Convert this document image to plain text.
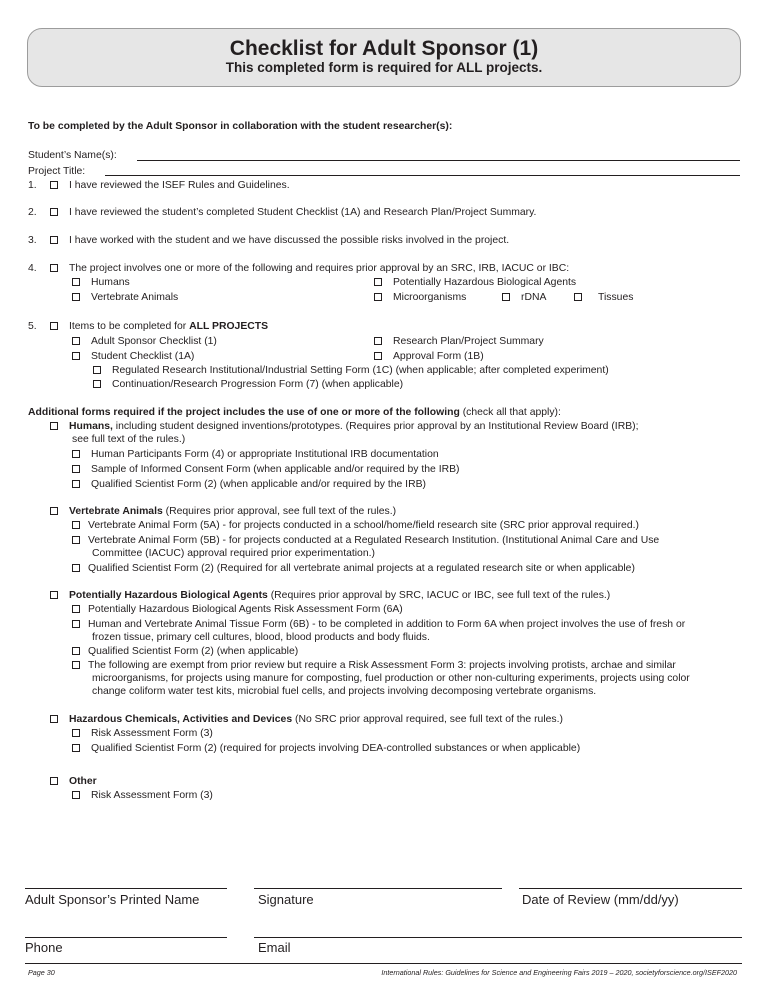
Checklist for Adult Sponsor (1)
This completed form is required for ALL projects.
To be completed by the Adult Sponsor in collaboration with the student researcher(s):
Student’s Name(s):
Project Title:
1.	I have reviewed the ISEF Rules and Guidelines.
2.	I have reviewed the student’s completed Student Checklist (1A) and Research Plan/Project Summary.
3.	I have worked with the student and we have discussed the possible risks involved in the project.
4.	The project involves one or more of the following and requires prior approval by an SRC, IRB, IACUC or IBC:
Humans
Vertebrate Animals
Potentially Hazardous Biological Agents
Microorganisms	rDNA	Tissues
5.	Items to be completed for ALL PROJECTS
Adult Sponsor Checklist (1)
Student Checklist (1A)
Research Plan/Project Summary
Approval Form (1B)
Regulated Research Institutional/Industrial Setting Form (1C) (when applicable; after completed experiment)
Continuation/Research Progression Form (7) (when applicable)
Additional forms required if the project includes the use of one or more of the following (check all that apply):
Humans, including student designed inventions/prototypes. (Requires prior approval by an Institutional Review Board (IRB);
see full text of the rules.)
Human Participants Form (4) or appropriate Institutional IRB documentation
Sample of Informed Consent Form (when applicable and/or required by the IRB)
Qualified Scientist Form (2) (when applicable and/or required by the IRB)
Vertebrate Animals (Requires prior approval, see full text of the rules.)
Vertebrate Animal Form (5A) - for projects conducted in a school/home/field research site (SRC prior approval required.)
Vertebrate Animal Form (5B) - for projects conducted at a Regulated Research Institution. (Institutional Animal Care and Use
Committee (IACUC) approval required prior experimentation.)
Qualified Scientist Form (2) (Required for all vertebrate animal projects at a regulated research site or when applicable)
Potentially Hazardous Biological Agents (Requires prior approval by SRC, IACUC or IBC, see full text of the rules.)
Potentially Hazardous Biological Agents Risk Assessment Form (6A)
Human and Vertebrate Animal Tissue Form (6B) - to be completed in addition to Form 6A when project involves the use of fresh or
frozen tissue, primary cell cultures, blood, blood products and body fluids.
Qualified Scientist Form (2) (when applicable)
The following are exempt from prior review but require a Risk Assessment Form 3: projects involving protists, archae and similar
microorganisms, for projects using manure for composting, fuel production or other non-culturing experiments, projects using color
change coliform water test kits, microbial fuel cells, and projects involving decomposing vertebrate organisms.
Hazardous Chemicals, Activities and Devices (No SRC prior approval required, see full text of the rules.)
Risk Assessment Form (3)
Qualified Scientist Form (2) (required for projects involving DEA-controlled substances or when applicable)
Other
Risk Assessment Form (3)
Adult Sponsor’s Printed Name	Signature	Date of Review (mm/dd/yy)
Phone	Email
Page 30	International Rules: Guidelines for Science and Engineering Fairs 2019 – 2020, societyforscience.org/ISEF2020
